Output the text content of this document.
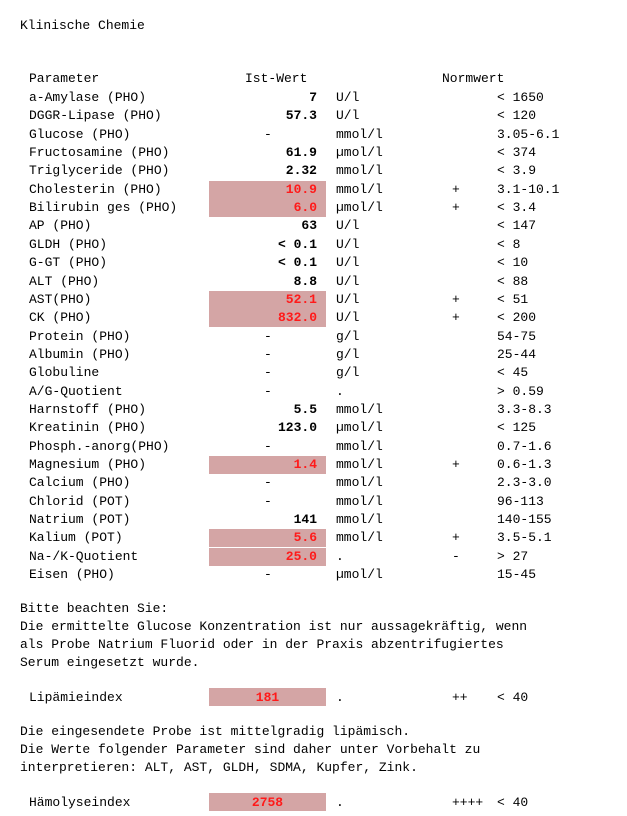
Klinische Chemie
Parameter	Ist-Wert	Normwert
a-Amylase (PHO)	7 U/l	< 1650
DGGR-Lipase (PHO)	57.3 U/l	< 120
Glucose (PHO)	-	mmol/l	3.05-6.1
Fructosamine (PHO)	61.9 µmol/l	< 374
Triglyceride (PHO)	2.32 mmol/l	< 3.9
Cholesterin (PHO)	10.9 mmol/l	+	3.1-10.1
Bilirubin ges (PHO)	6.0 µmol/l	+	< 3.4
AP (PHO)	63 U/l	< 147
GLDH (PHO)	< 0.1 U/l	< 8
G-GT (PHO)	< 0.1 U/l	< 10
ALT (PHO)	8.8 U/l	< 88
AST(PHO)	52.1 U/l	+	< 51
CK (PHO)	832.0 U/l	+	< 200
Protein (PHO)	-	g/l	54-75
Albumin (PHO)	-	g/l	25-44
Globuline	-	g/l	< 45
A/G-Quotient	-	.	> 0.59
Harnstoff (PHO)	5.5 mmol/l	3.3-8.3
Kreatinin (PHO)	123.0 µmol/l	< 125
Phosph.-anorg(PHO)	-	mmol/l	0.7-1.6
Magnesium (PHO)	1.4 mmol/l	+	0.6-1.3
Calcium (PHO)	-	mmol/l	2.3-3.0
Chlorid (POT)	-	mmol/l	96-113
Natrium (POT)	141 mmol/l	140-155
Kalium (POT)	5.6 mmol/l	+	3.5-5.1
Na-/K-Quotient	25.0 .	-	> 27
Eisen (PHO)	-	µmol/l	15-45
Bitte beachten Sie:
Die ermittelte Glucose Konzentration ist nur aussagekräftig, wenn
als Probe Natrium Fluorid oder in der Praxis abzentrifugiertes
Serum eingesetzt wurde.
Lipämieindex	181	.	++ < 40
Die eingesendete Probe ist mittelgradig lipämisch.
Die Werte folgender Parameter sind daher unter Vorbehalt zu
interpretieren: ALT, AST, GLDH, SDMA, Kupfer, Zink.
Hämolyseindex	2758	.	++++ < 40
